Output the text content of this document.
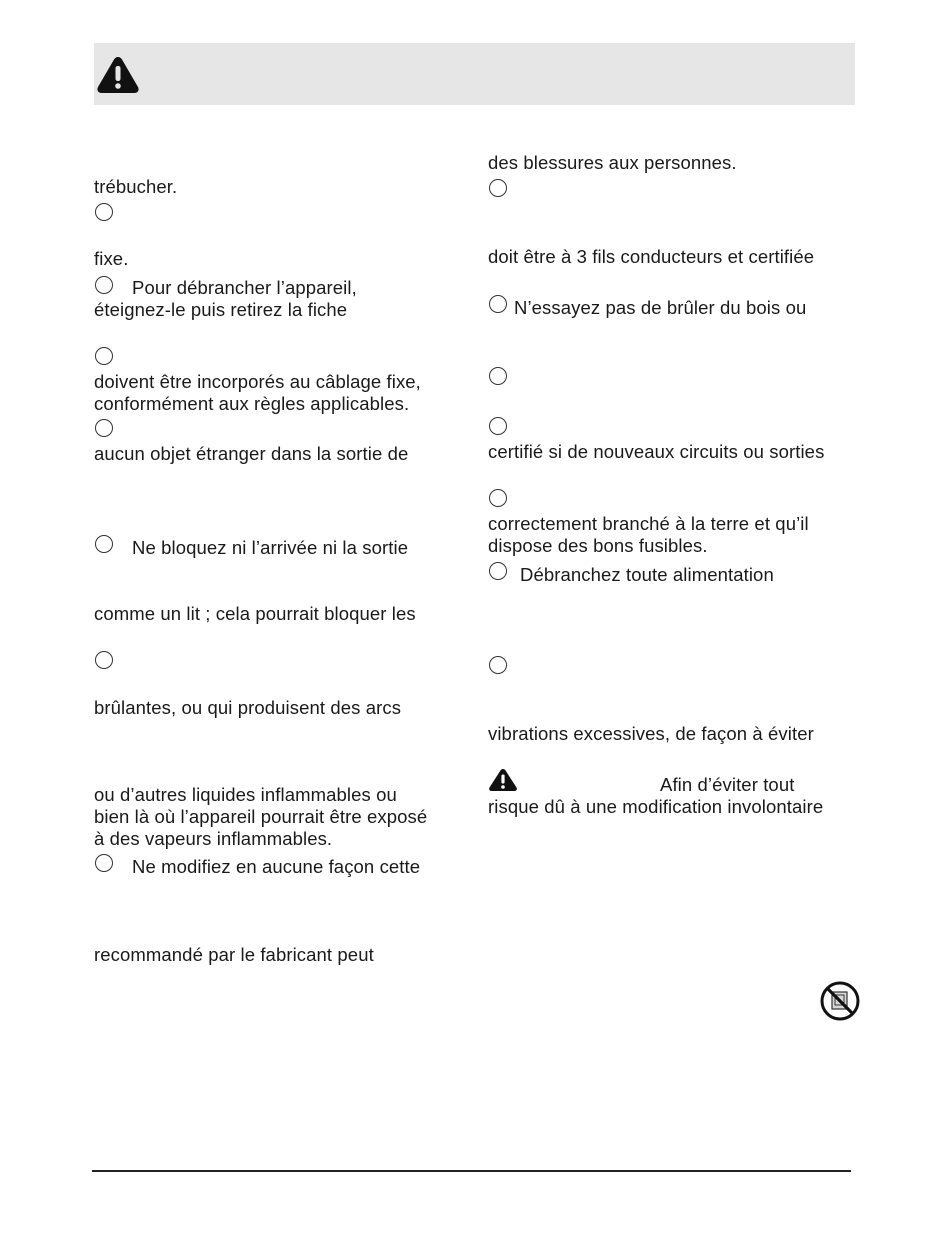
trébucher.
fixe.
Pour débrancher l’appareil,
éteignez-le puis retirez la fiche
doivent être incorporés au câblage fixe,
conformément aux règles applicables.
aucun objet étranger dans la sortie de
Ne bloquez ni l’arrivée ni la sortie
comme un lit ; cela pourrait bloquer les
brûlantes, ou qui produisent des arcs
ou d’autres liquides inflammables ou
bien là où l’appareil pourrait être exposé
à des vapeurs inflammables.
Ne modifiez en aucune façon cette
recommandé par le fabricant peut
des blessures aux personnes.
doit être à 3 fils conducteurs et certifiée
N’essayez pas de brûler du bois ou
certifié si de nouveaux circuits ou sorties
correctement branché à la terre et qu’il
dispose des bons fusibles.
Débranchez toute alimentation
vibrations excessives, de façon à éviter
Afin d’éviter tout
risque dû à une modification involontaire
